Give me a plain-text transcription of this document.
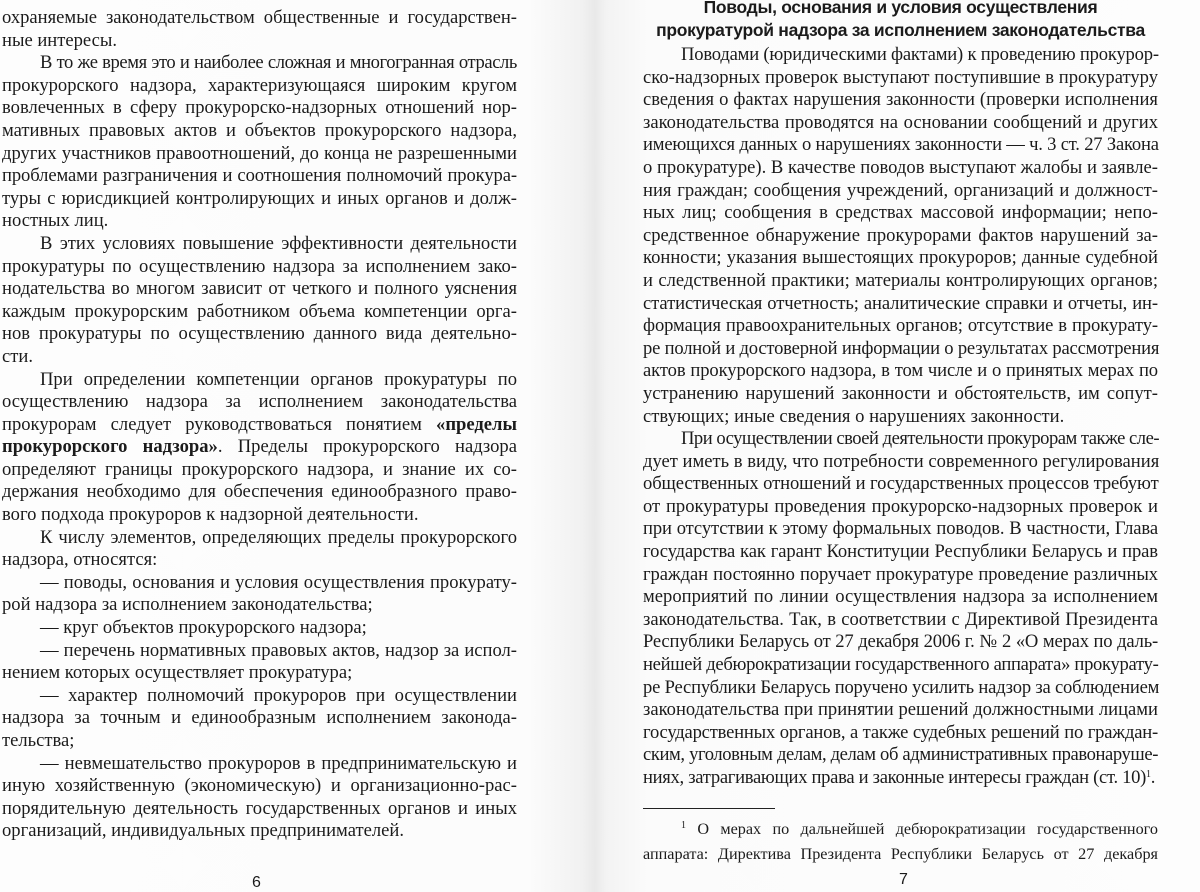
охраняемые законодательством общественные и государствен-
ные интересы.
В то же время это и наиболее сложная и многогранная отрасль
прокурорского надзора, характеризующаяся широким кругом
вовлеченных в сферу прокурорско-надзорных отношений нор-
мативных правовых актов и объектов прокурорского надзора,
других участников правоотношений, до конца не разрешенными
проблемами разграничения и соотношения полномочий прокура-
туры с юрисдикцией контролирующих и иных органов и долж-
ностных лиц.
В этих условиях повышение эффективности деятельности
прокуратуры по осуществлению надзора за исполнением зако-
нодательства во многом зависит от четкого и полного уяснения
каждым прокурорским работником объема компетенции орга-
нов прокуратуры по осуществлению данного вида деятельно-
сти.
При определении компетенции органов прокуратуры по
осуществлению надзора за исполнением законодательства
прокурорам следует руководствоваться понятием «пределы
прокурорского надзора». Пределы прокурорского надзора
определяют границы прокурорского надзора, и знание их со-
держания необходимо для обеспечения единообразного право-
вого подхода прокуроров к надзорной деятельности.
К числу элементов, определяющих пределы прокурорского
надзора, относятся:
— поводы, основания и условия осуществления прокурату-
рой надзора за исполнением законодательства;
— круг объектов прокурорского надзора;
— перечень нормативных правовых актов, надзор за испол-
нением которых осуществляет прокуратура;
— характер полномочий прокуроров при осуществлении
надзора за точным и единообразным исполнением законода-
тельства;
— невмешательство прокуроров в предпринимательскую и
иную хозяйственную (экономическую) и организационно-рас-
порядительную деятельность государственных органов и иных
организаций, индивидуальных предпринимателей.
Поводы, основания и условия осуществления
прокуратурой надзора за исполнением законодательства
Поводами (юридическими фактами) к проведению прокурор-
ско-надзорных проверок выступают поступившие в прокуратуру
сведения о фактах нарушения законности (проверки исполнения
законодательства проводятся на основании сообщений и других
имеющихся данных о нарушениях законности — ч. 3 ст. 27 Закона
о прокуратуре). В качестве поводов выступают жалобы и заявле-
ния граждан; сообщения учреждений, организаций и должност-
ных лиц; сообщения в средствах массовой информации; непо-
средственное обнаружение прокурорами фактов нарушений за-
конности; указания вышестоящих прокуроров; данные судебной
и следственной практики; материалы контролирующих органов;
статистическая отчетность; аналитические справки и отчеты, ин-
формация правоохранительных органов; отсутствие в прокурату-
ре полной и достоверной информации о результатах рассмотрения
актов прокурорского надзора, в том числе и о принятых мерах по
устранению нарушений законности и обстоятельств, им сопут-
ствующих; иные сведения о нарушениях законности.
При осуществлении своей деятельности прокурорам также сле-
дует иметь в виду, что потребности современного регулирования
общественных отношений и государственных процессов требуют
от прокуратуры проведения прокурорско-надзорных проверок и
при отсутствии к этому формальных поводов. В частности, Глава
государства как гарант Конституции Республики Беларусь и прав
граждан постоянно поручает прокуратуре проведение различных
мероприятий по линии осуществления надзора за исполнением
законодательства. Так, в соответствии с Директивой Президента
Республики Беларусь от 27 декабря 2006 г. № 2 «О мерах по даль-
нейшей дебюрократизации государственного аппарата» прокурату-
ре Республики Беларусь поручено усилить надзор за соблюдением
законодательства при принятии решений должностными лицами
государственных органов, а также судебных решений по граждан-
ским, уголовным делам, делам об административных правонаруше-
ниях, затрагивающих права и законные интересы граждан (ст. 10)$^1$.
$^1$ О мерах по дальнейшей дебюрократизации государственного
аппарата: Директива Президента Республики Беларусь от 27 декабря
6	7
